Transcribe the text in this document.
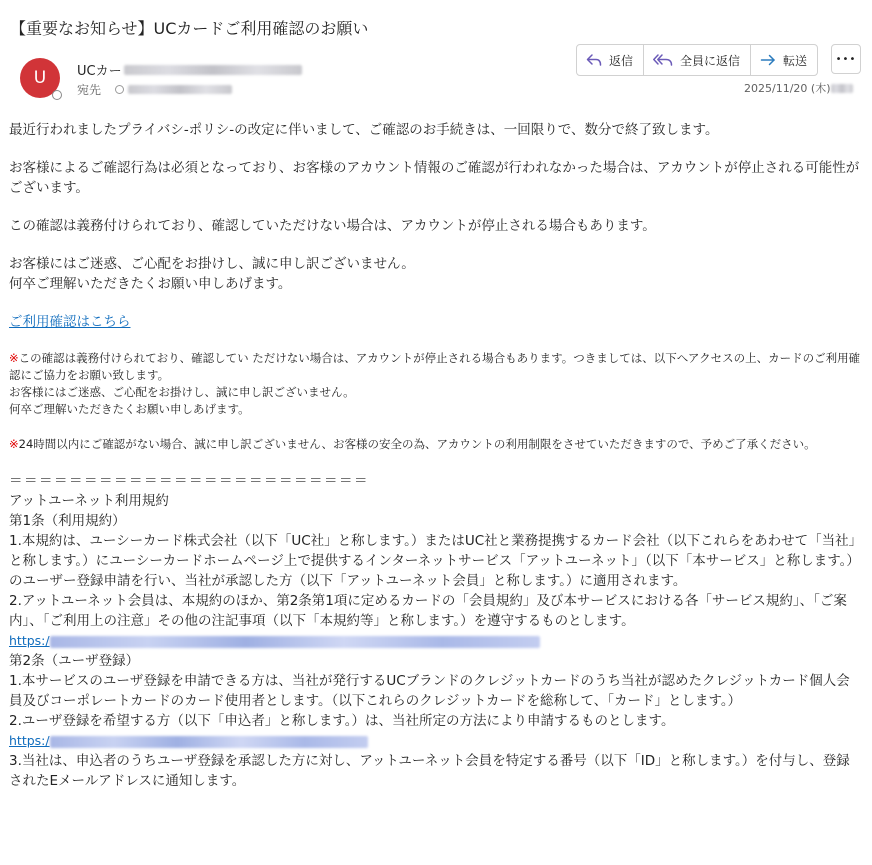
【重要なお知らせ】UCカードご利用確認のお願い
U	UCカー
宛先
返信	全員に返信	転送	•••
2025/11/20 (木)

最近行われましたプライバシ-ポリシ-の改定に伴いまして、ご確認のお手続きは、一回限りで、数分で終了致します。

お客様によるご確認行為は必須となっており、お客様のアカウント情報のご確認が行われなかった場合は、アカウントが停止される可能性がございます。

この確認は義務付けられており、確認していただけない場合は、アカウントが停止される場合もあります。

お客様にはご迷惑、ご心配をお掛けし、誠に申し訳ございません。

何卒ご理解いただきたくお願い申しあげます。

ご利用確認はこちら

※この確認は義務付けられており、確認してい ただけない場合は、アカウントが停止される場合もあります。つきましては、以下へアクセスの上、カードのご利用確認にご協力をお願い致します。

お客様にはご迷惑、ご心配をお掛けし、誠に申し訳ございません。

何卒ご理解いただきたくお願い申しあげます。

※24時間以内にご確認がない場合、誠に申し訳ございません、お客様の安全の為、アカウントの利用制限をさせていただきますので、予めご了承ください。

＝＝＝＝＝＝＝＝＝＝＝＝＝＝＝＝＝＝＝＝＝＝＝＝

アットユーネット利用規約

第1条（利用規約）

1.本規約は、ユーシーカード株式会社（以下「UC社」と称します。）またはUC社と業務提携するカード会社（以下これらをあわせて「当社」と称します。）にユーシーカードホームページ上で提供するインターネットサービス「アットユーネット」（以下「本サービス」と称します。）のユーザー登録申請を行い、当社が承認した方（以下「アットユーネット会員」と称します。）に適用されます。

2.アットユーネット会員は、本規約のほか、第2条第1項に定めるカードの「会員規約」及び本サービスにおける各「サービス規約」、「ご案内」、「ご利用上の注意」その他の注記事項（以下「本規約等」と称します。）を遵守するものとします。

https:/

第2条（ユーザ登録）

1.本サービスのユーザ登録を申請できる方は、当社が発行するUCブランドのクレジットカードのうち当社が認めたクレジットカード個人会員及びコーポレートカードのカード使用者とします。（以下これらのクレジットカードを総称して、「カード」とします。）

2.ユーザ登録を希望する方（以下「申込者」と称します。）は、当社所定の方法により申請するものとします。

https:/

3.当社は、申込者のうちユーザ登録を承認した方に対し、アットユーネット会員を特定する番号（以下「ID」と称します。）を付与し、登録されたEメールアドレスに通知します。
